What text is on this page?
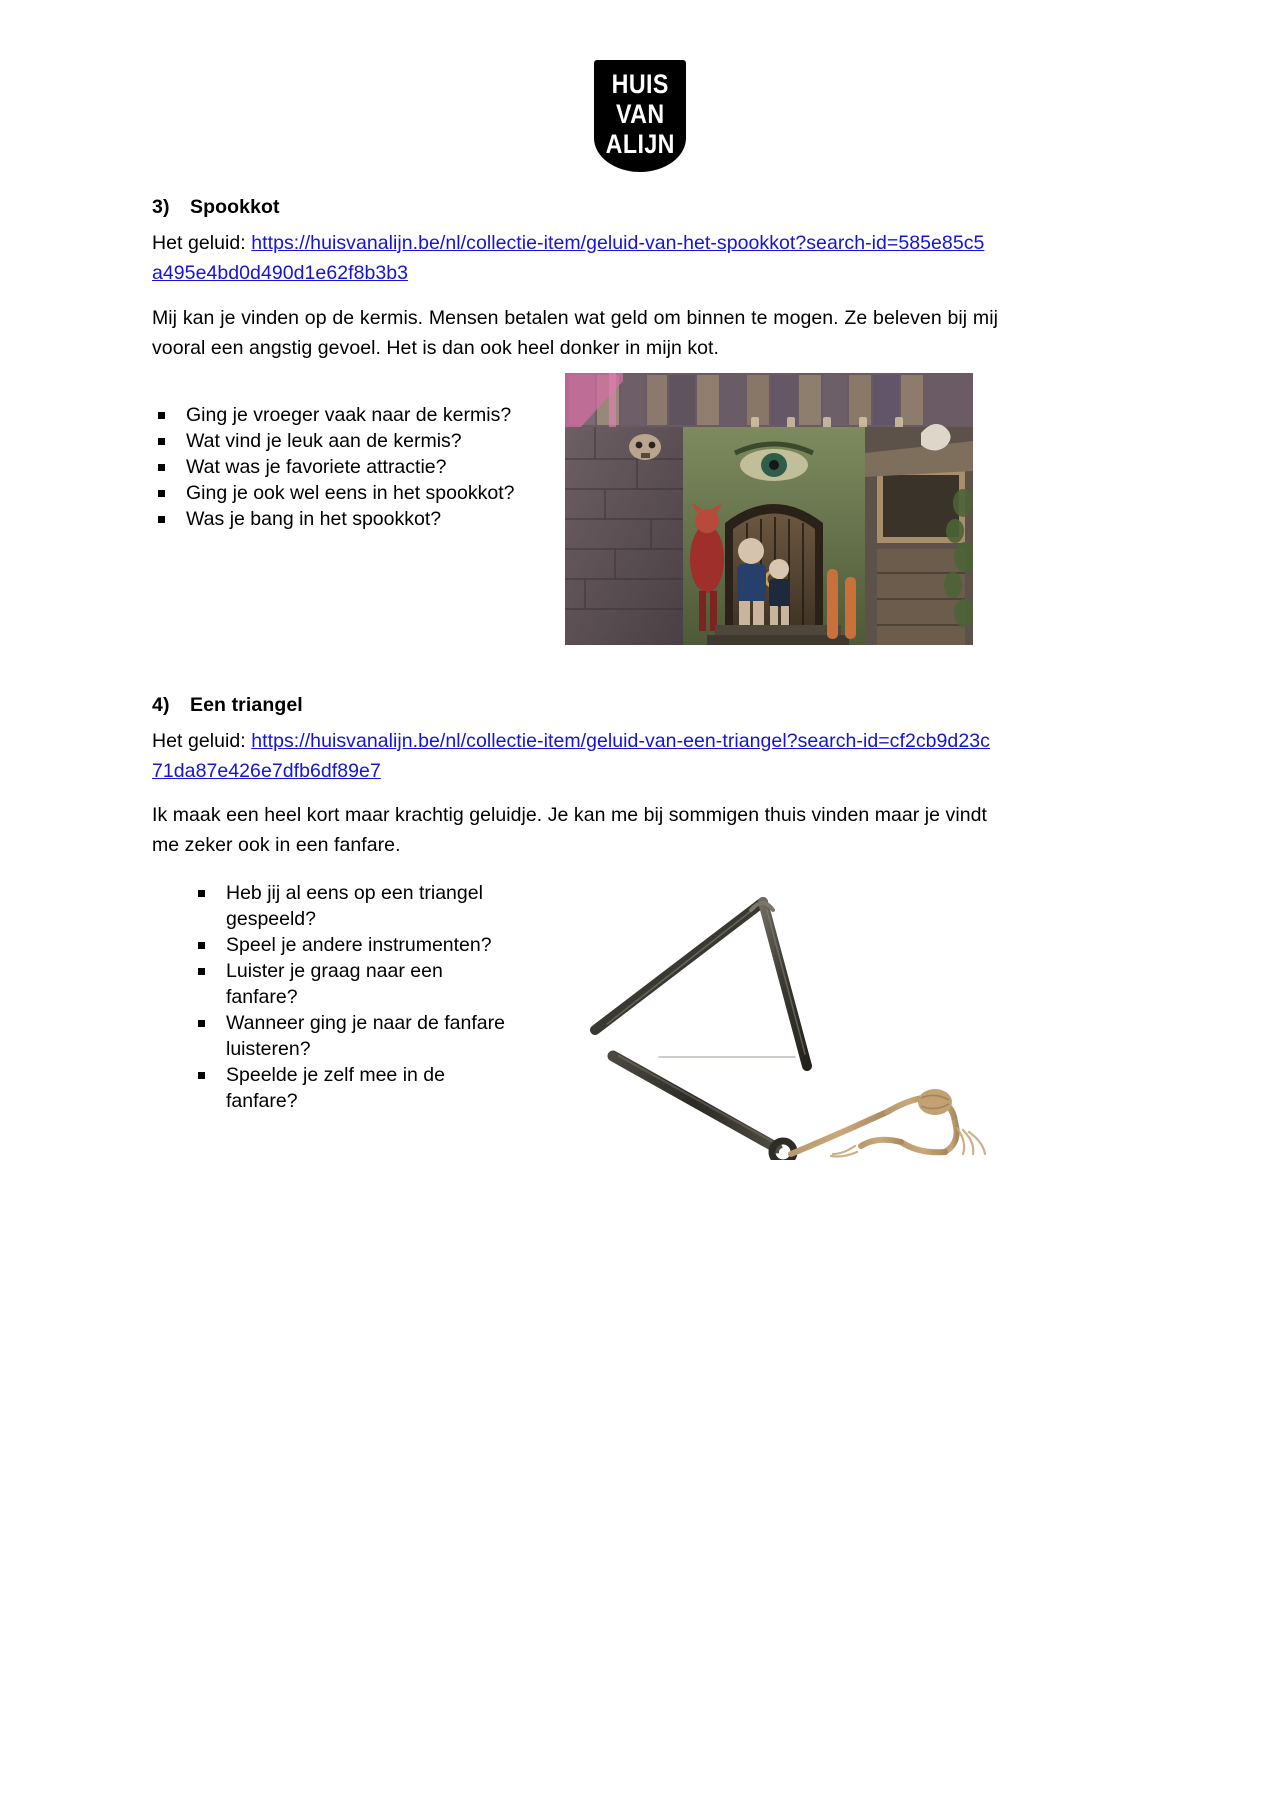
HUIS
VAN
ALIJN
3)	Spookkot

Het geluid: https://huisvanalijn.be/nl/collectie-item/geluid-van-het-spookkot?search-id=585e85c5a495e4bd0d490d1e62f8b3b3

Mij kan je vinden op de kermis. Mensen betalen wat geld om binnen te mogen. Ze beleven bij mij vooral een angstig gevoel. Het is dan ook heel donker in mijn kot.

Ging je vroeger vaak naar de kermis?
Wat vind je leuk aan de kermis?
Wat was je favoriete attractie?
Ging je ook wel eens in het spookkot?
Was je bang in het spookkot?
4)	Een triangel

Het geluid: https://huisvanalijn.be/nl/collectie-item/geluid-van-een-triangel?search-id=cf2cb9d23c71da87e426e7dfb6df89e7

Ik maak een heel kort maar krachtig geluidje. Je kan me bij sommigen thuis vinden maar je vindt me zeker ook in een fanfare.

Heb jij al eens op een triangel gespeeld?
Speel je andere instrumenten?
Luister je graag naar een fanfare?
Wanneer ging je naar de fanfare luisteren?
Speelde je zelf mee in de fanfare?
